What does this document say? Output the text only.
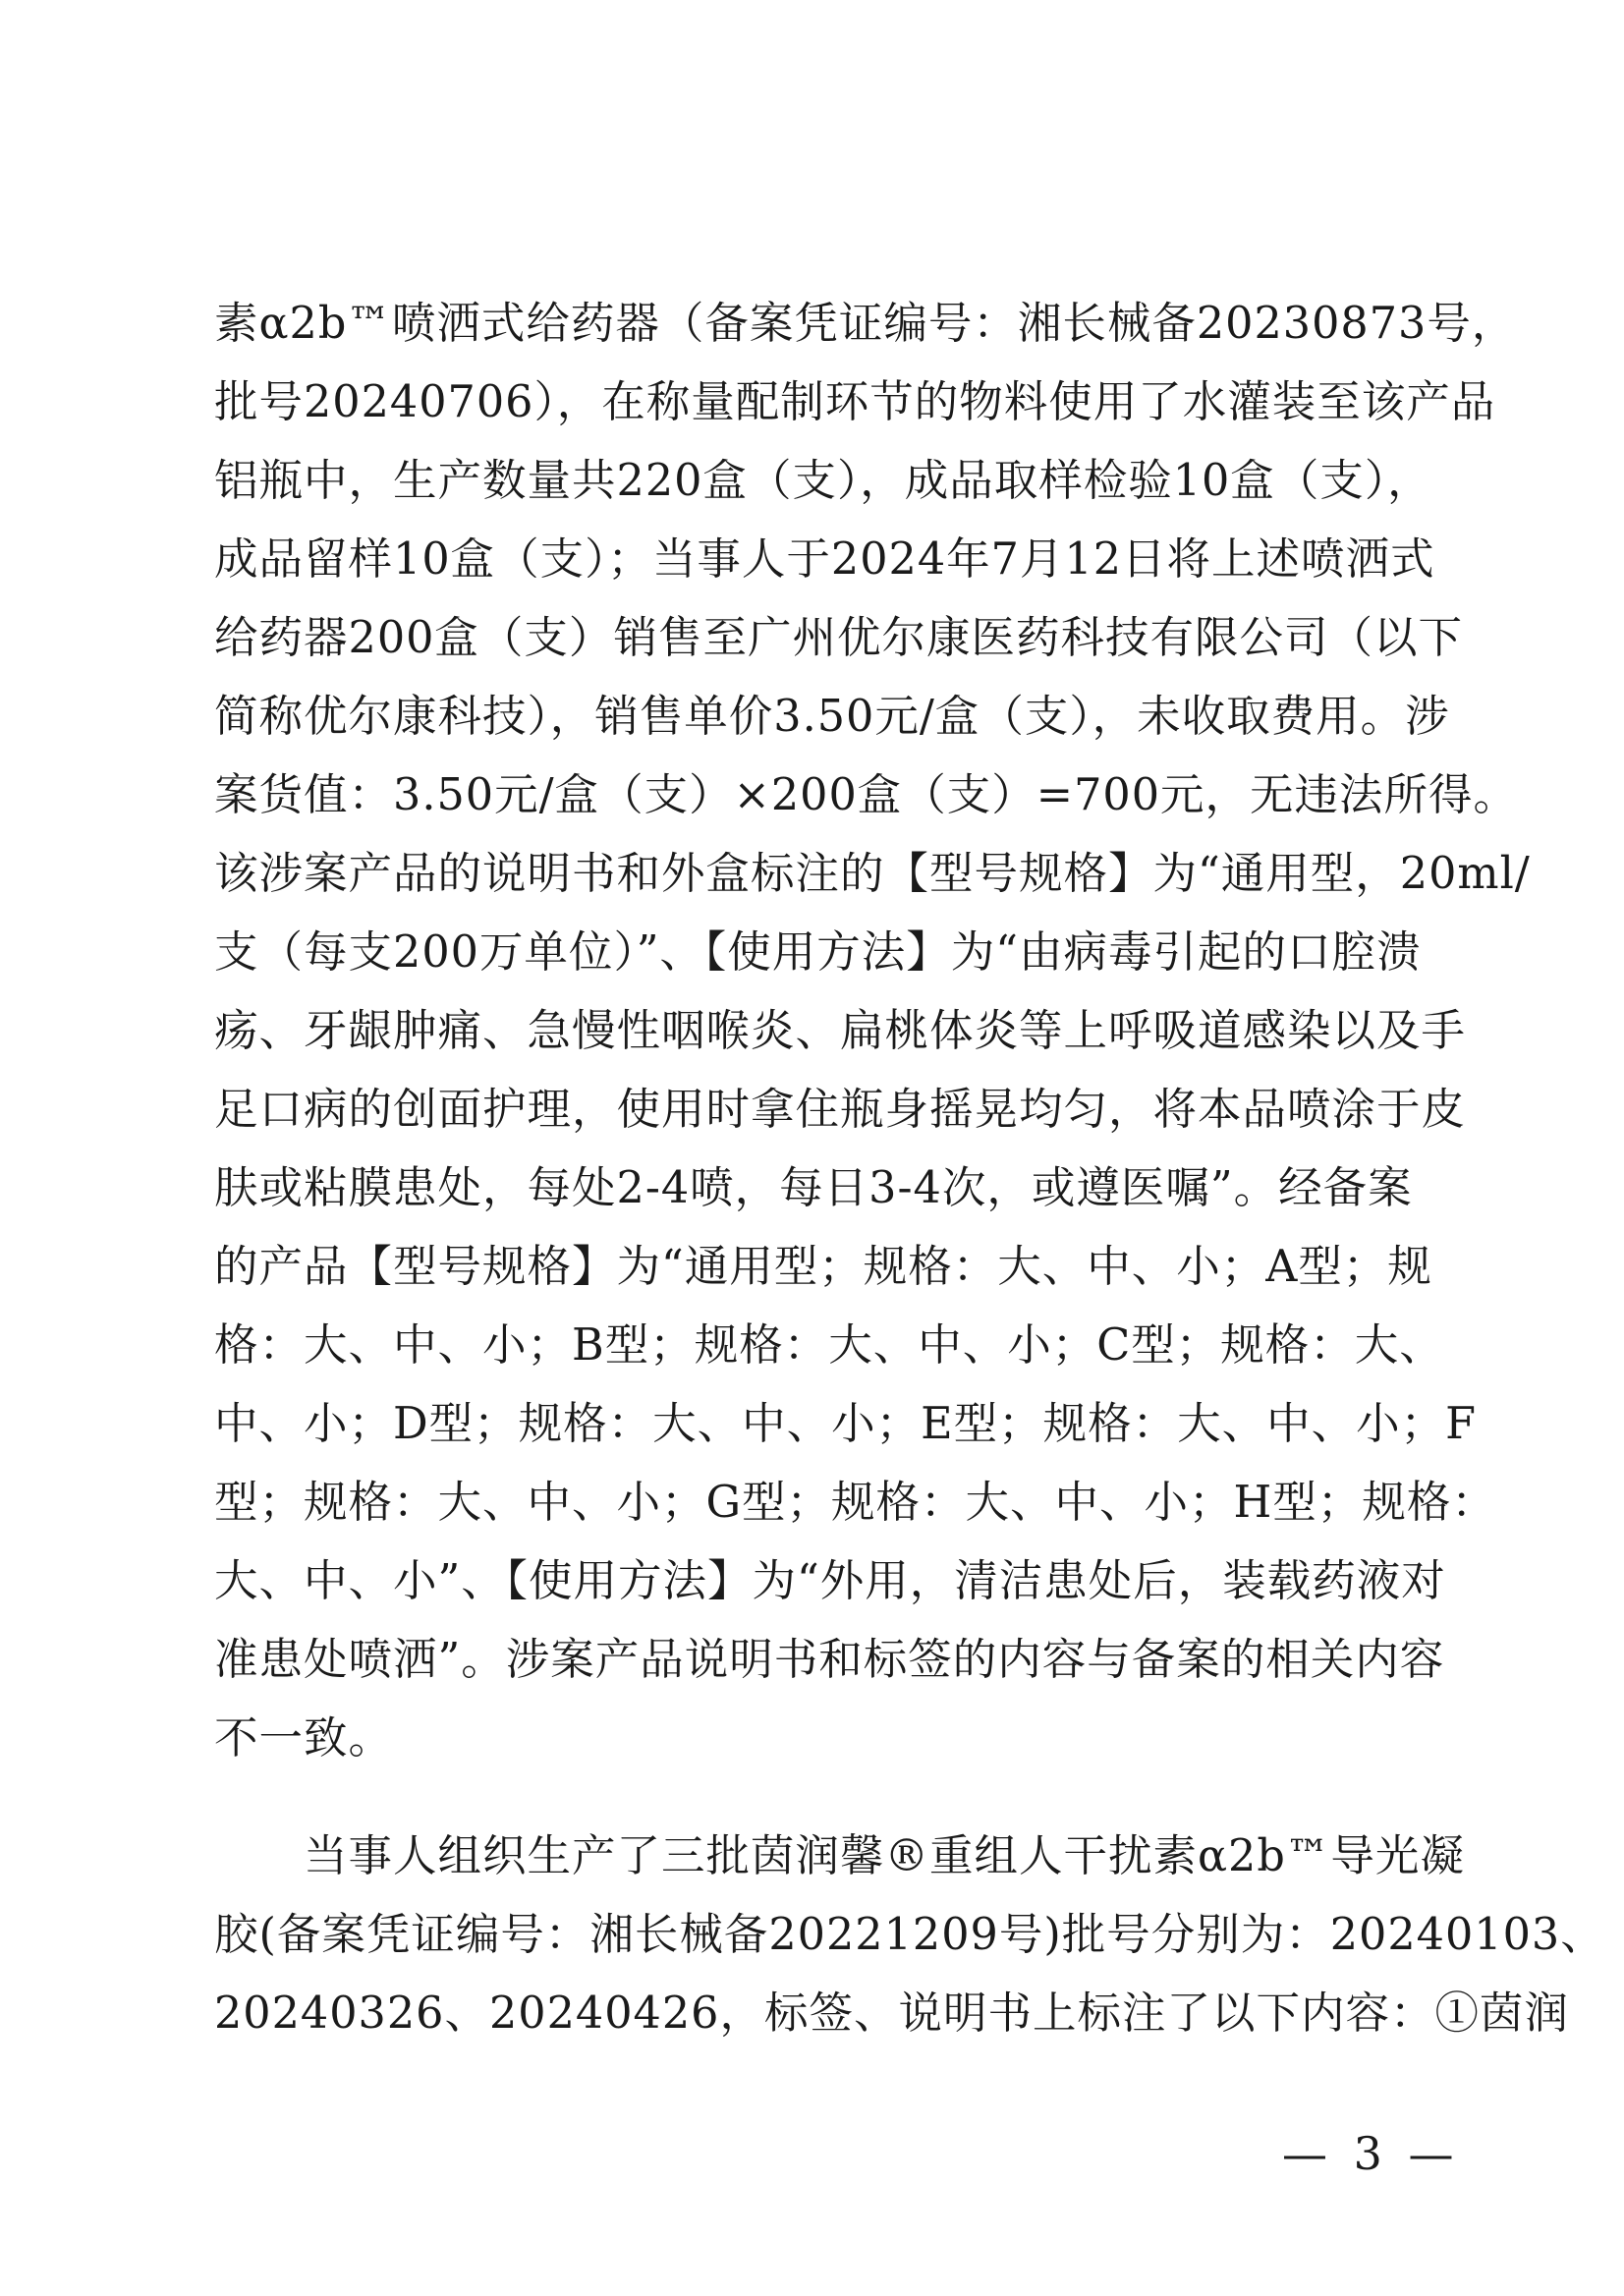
素α2b™喷洒式给药器（备案凭证编号：湘长械备20230873号，
批号20240706），在称量配制环节的物料使用了水灌装至该产品
铝瓶中，生产数量共220盒（支），成品取样检验10盒（支），
成品留样10盒（支）；当事人于2024年7月12日将上述喷洒式
给药器200盒（支）销售至广州优尔康医药科技有限公司（以下
简称优尔康科技），销售单价3.50元/盒（支），未收取费用。涉
案货值：3.50元/盒（支）×200盒（支）=700元，无违法所得。
该涉案产品的说明书和外盒标注的【型号规格】为“通用型，20ml/
支（每支200万单位）”、【使用方法】为“由病毒引起的口腔溃
疡、牙龈肿痛、急慢性咽喉炎、扁桃体炎等上呼吸道感染以及手
足口病的创面护理，使用时拿住瓶身摇晃均匀，将本品喷涂于皮
肤或粘膜患处，每处2-4喷，每日3-4次，或遵医嘱”。经备案
的产品【型号规格】为“通用型；规格：大、中、小；A型；规
格：大、中、小；B型；规格：大、中、小；C型；规格：大、
中、小；D型；规格：大、中、小；E型；规格：大、中、小；F
型；规格：大、中、小；G型；规格：大、中、小；H型；规格：
大、中、小”、【使用方法】为“外用，清洁患处后，装载药液对
准患处喷洒”。涉案产品说明书和标签的内容与备案的相关内容
不一致。
　　当事人组织生产了三批茵润馨®重组人干扰素α2b™导光凝
胶(备案凭证编号：湘长械备20221209号)批号分别为：20240103、
20240326、20240426，标签、说明书上标注了以下内容：①茵润
— 3 —
